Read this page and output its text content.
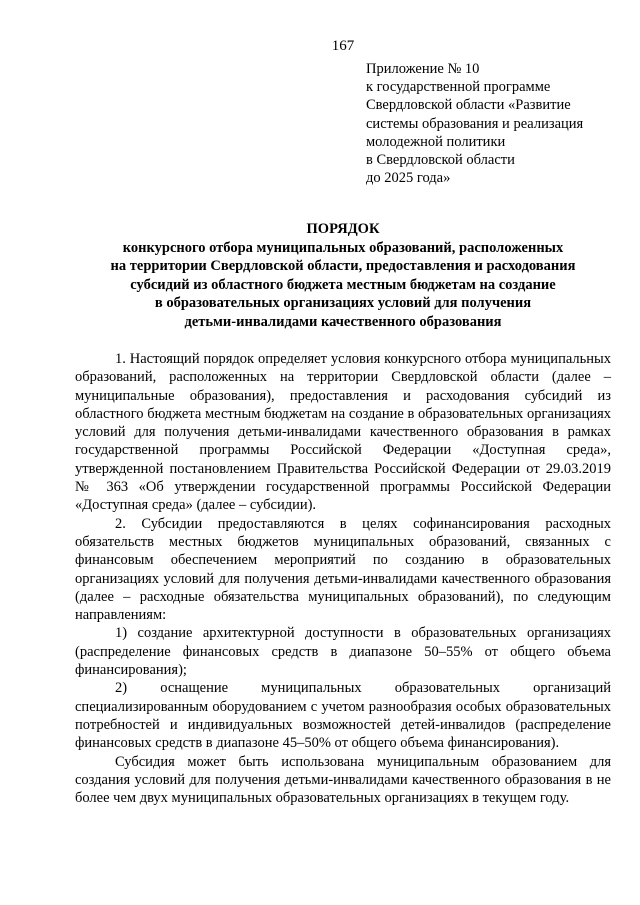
167
Приложение № 10
к государственной программе
Свердловской области «Развитие
системы образования и реализация
молодежной политики
в Свердловской области
до 2025 года»
ПОРЯДОК
конкурсного отбора муниципальных образований, расположенных
на территории Свердловской области, предоставления и расходования
субсидий из областного бюджета местным бюджетам на создание
в образовательных организациях условий для получения
детьми-инвалидами качественного образования

1. Настоящий порядок определяет условия конкурсного отбора муниципальных образований, расположенных на территории Свердловской области (далее – муниципальные образования), предоставления и расходования субсидий из областного бюджета местным бюджетам на создание в образовательных организациях условий для получения детьми-инвалидами качественного образования в рамках государственной программы Российской Федерации «Доступная среда», утвержденной постановлением Правительства Российской Федерации от 29.03.2019 № 363 «Об утверждении государственной программы Российской Федерации «Доступная среда» (далее – субсидии).

2. Субсидии предоставляются в целях софинансирования расходных обязательств местных бюджетов муниципальных образований, связанных с финансовым обеспечением мероприятий по созданию в образовательных организациях условий для получения детьми-инвалидами качественного образования (далее – расходные обязательства муниципальных образований), по следующим направлениям:

1) создание архитектурной доступности в образовательных организациях (распределение финансовых средств в диапазоне 50–55% от общего объема финансирования);

2) оснащение муниципальных образовательных организаций специализированным оборудованием с учетом разнообразия особых образовательных потребностей и индивидуальных возможностей детей-инвалидов (распределение финансовых средств в диапазоне 45–50% от общего объема финансирования).

Субсидия может быть использована муниципальным образованием для создания условий для получения детьми-инвалидами качественного образования в не более чем двух муниципальных образовательных организациях в текущем году.
